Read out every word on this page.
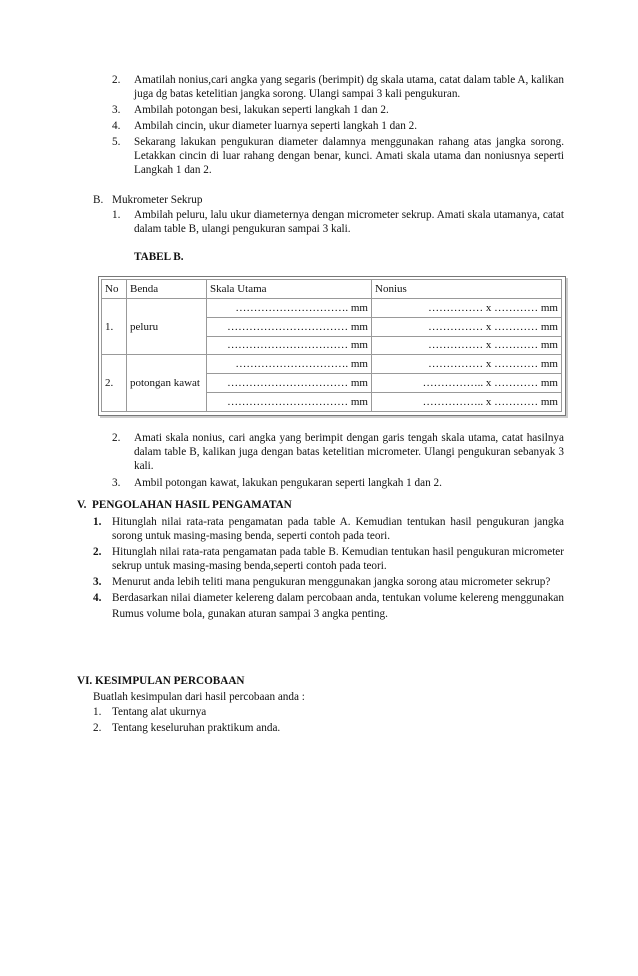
2. Amatilah nonius,cari angka yang segaris (berimpit) dg skala utama, catat dalam table A, kalikan juga dg batas ketelitian jangka sorong. Ulangi sampai 3 kali pengukuran.
3. Ambilah potongan besi, lakukan seperti langkah 1 dan 2.
4. Ambilah cincin, ukur diameter luarnya seperti langkah 1 dan 2.
5. Sekarang lakukan pengukuran diameter dalamnya menggunakan rahang atas jangka sorong. Letakkan cincin di luar rahang dengan benar, kunci. Amati skala utama dan noniusnya seperti Langkah 1 dan 2.
B. Mukrometer Sekrup
1. Ambilah peluru, lalu ukur diameternya dengan micrometer sekrup. Amati skala utamanya, catat dalam table B, ulangi pengukuran sampai 3 kali.
TABEL B.
No	Benda	Skala Utama	Nonius
1.	peluru	…………………………. mm	…………… x ………… mm
		…………………………… mm	…………… x ………… mm
		…………………………… mm	…………… x ………… mm
2.	potongan kawat	…………………………. mm	…………… x ………… mm
		…………………………… mm	…………….. x ………… mm
		…………………………… mm	…………….. x ………… mm
2. Amati skala nonius, cari angka yang berimpit dengan garis tengah skala utama, catat hasilnya dalam table B, kalikan juga dengan batas ketelitian micrometer. Ulangi pengukuran sebanyak 3 kali.
3. Ambil potongan kawat, lakukan pengukaran seperti langkah 1 dan 2.
V.  PENGOLAHAN HASIL PENGAMATAN
1. Hitunglah nilai rata-rata pengamatan pada table A. Kemudian tentukan hasil pengukuran jangka sorong untuk masing-masing benda, seperti contoh pada teori.
2. Hitunglah nilai rata-rata pengamatan pada table B. Kemudian tentukan hasil pengukuran micrometer sekrup untuk masing-masing benda,seperti contoh pada teori.
3. Menurut anda lebih teliti mana pengukuran menggunakan jangka sorong atau micrometer sekrup?
4. Berdasarkan nilai diameter kelereng dalam percobaan anda, tentukan volume kelereng menggunakan
Rumus volume bola, gunakan aturan sampai 3 angka penting.
VI. KESIMPULAN PERCOBAAN
Buatlah kesimpulan dari hasil percobaan anda :
1. Tentang alat ukurnya
2. Tentang keseluruhan praktikum anda.
